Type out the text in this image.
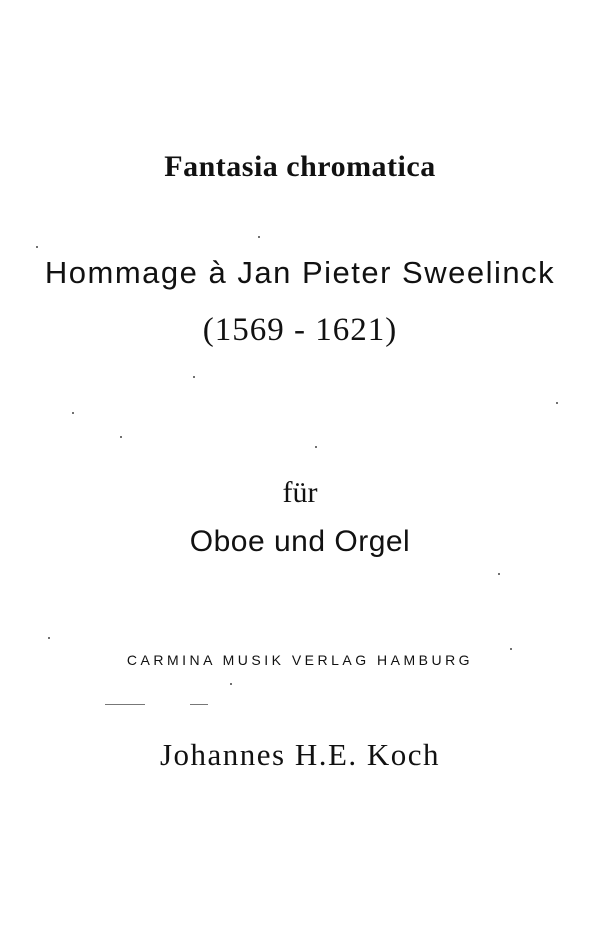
Fantasia chromatica
Hommage à Jan Pieter Sweelinck
(1569 - 1621)
für
Oboe und Orgel
CARMINA MUSIK VERLAG HAMBURG
Johannes H.E. Koch
